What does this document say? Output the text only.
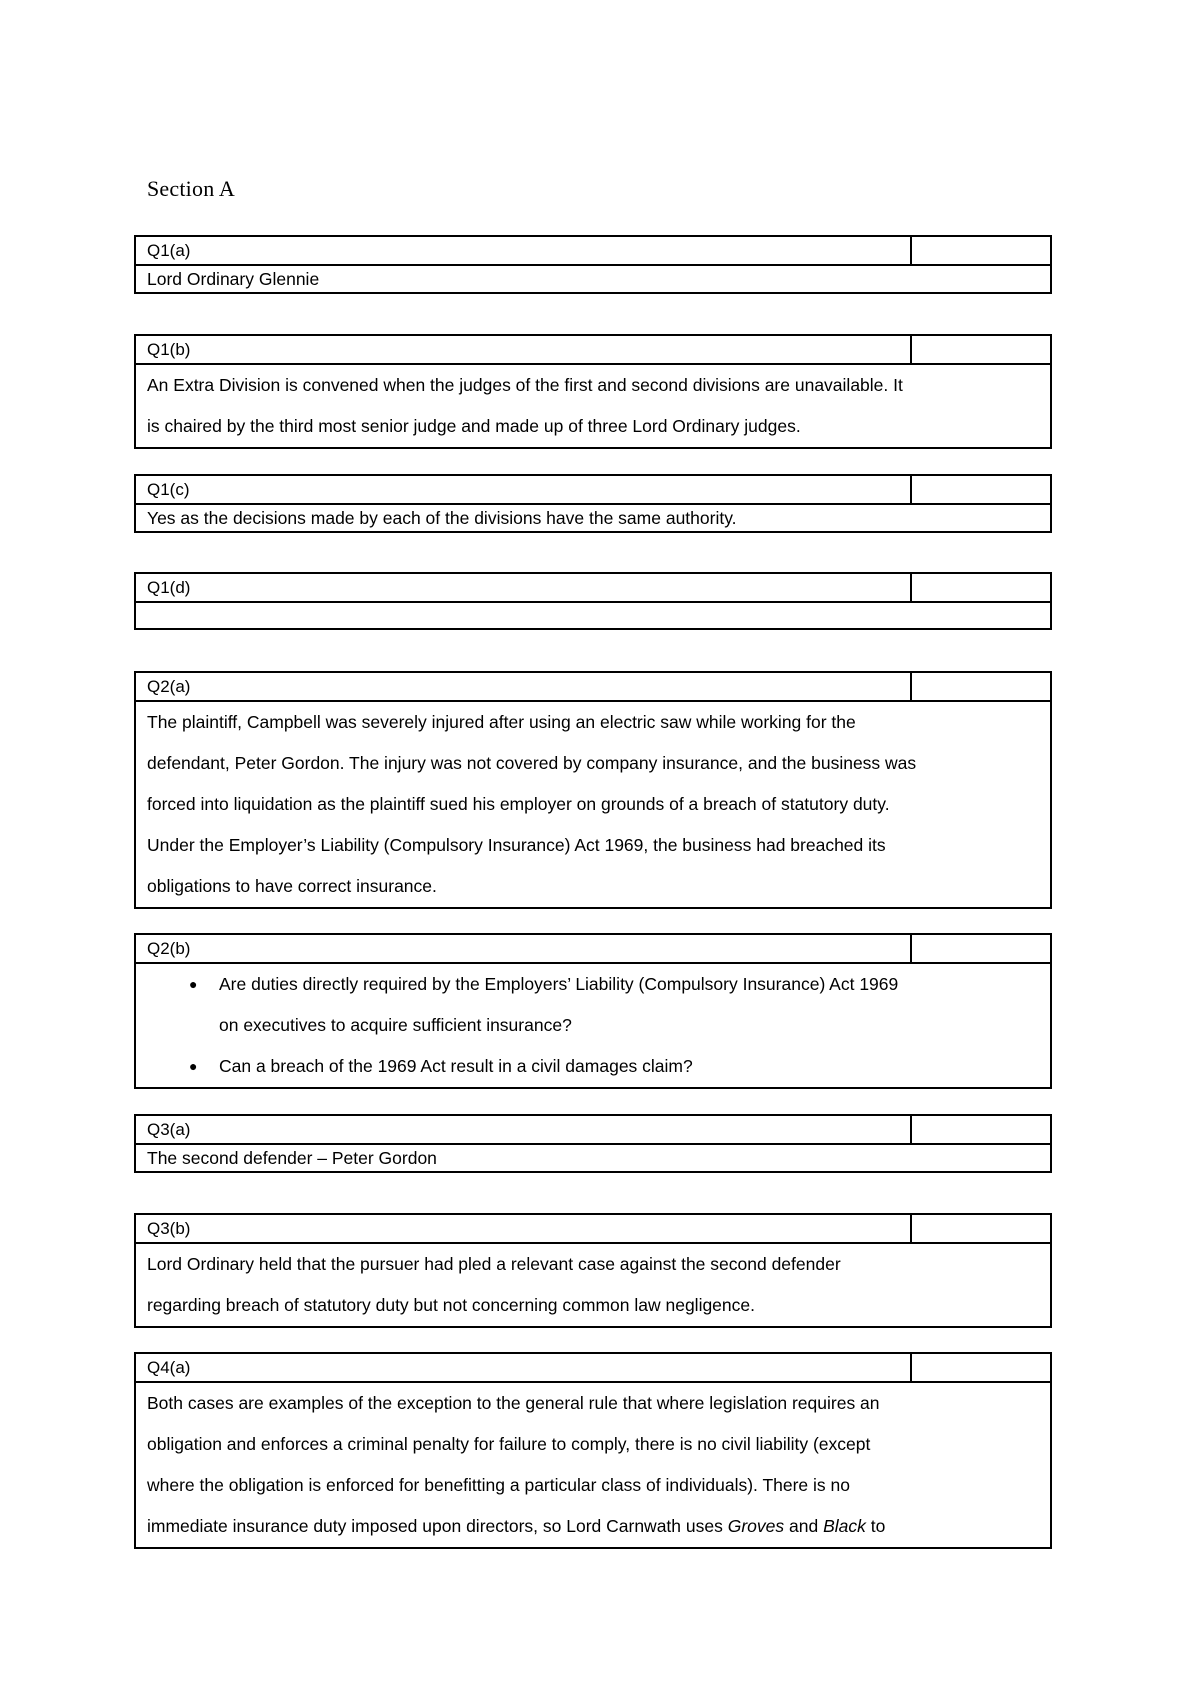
Section A
Q1(a)
Lord Ordinary Glennie
Q1(b)
An Extra Division is convened when the judges of the first and second divisions are unavailable. It
is chaired by the third most senior judge and made up of three Lord Ordinary judges.
Q1(c)
Yes as the decisions made by each of the divisions have the same authority.
Q1(d)
Q2(a)
The plaintiff, Campbell was severely injured after using an electric saw while working for the
defendant, Peter Gordon. The injury was not covered by company insurance, and the business was
forced into liquidation as the plaintiff sued his employer on grounds of a breach of statutory duty.
Under the Employer’s Liability (Compulsory Insurance) Act 1969, the business had breached its
obligations to have correct insurance.
Q2(b)
● Are duties directly required by the Employers’ Liability (Compulsory Insurance) Act 1969
on executives to acquire sufficient insurance?
● Can a breach of the 1969 Act result in a civil damages claim?
Q3(a)
The second defender – Peter Gordon
Q3(b)
Lord Ordinary held that the pursuer had pled a relevant case against the second defender
regarding breach of statutory duty but not concerning common law negligence.
Q4(a)
Both cases are examples of the exception to the general rule that where legislation requires an
obligation and enforces a criminal penalty for failure to comply, there is no civil liability (except
where the obligation is enforced for benefitting a particular class of individuals). There is no
immediate insurance duty imposed upon directors, so Lord Carnwath uses Groves and Black to
